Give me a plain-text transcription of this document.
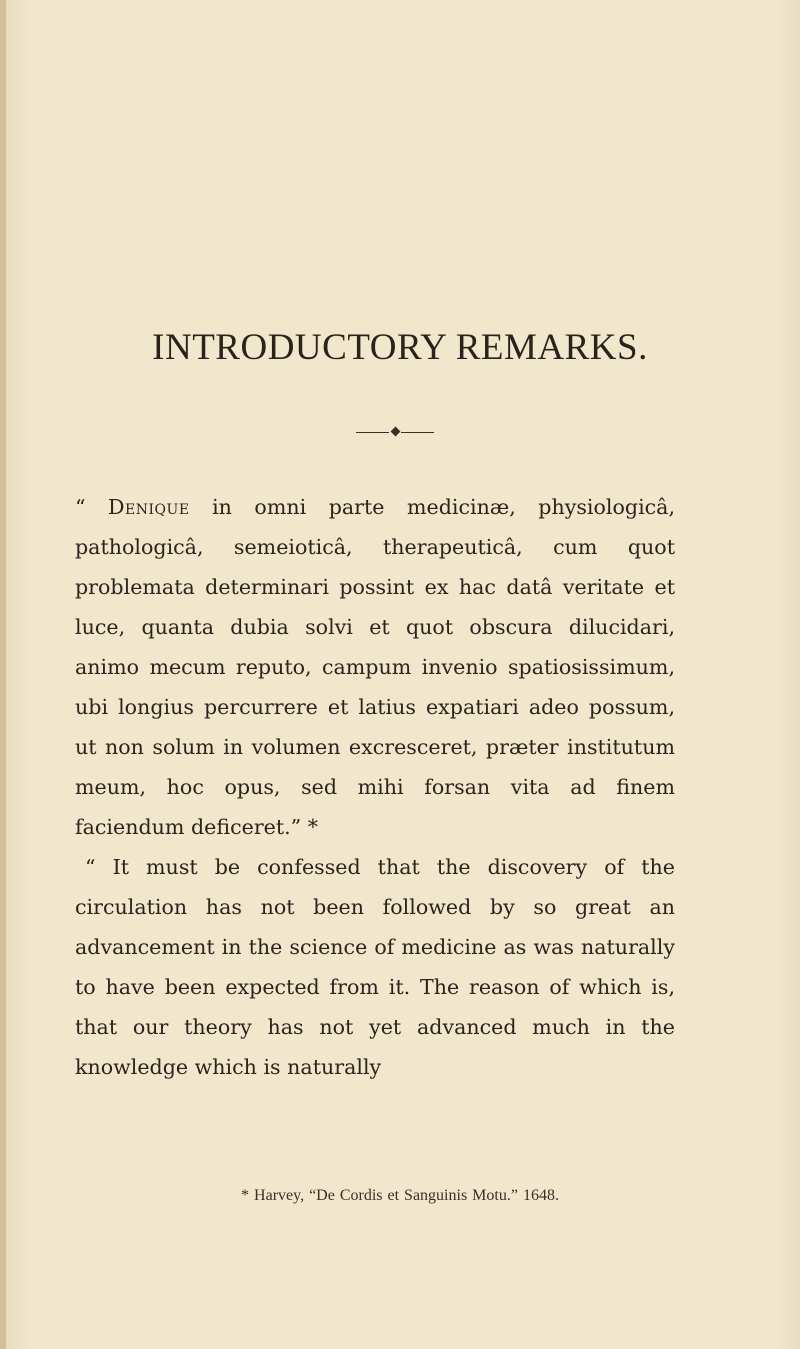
INTRODUCTORY REMARKS.

“ Denique in omni parte medicinæ, physiologicâ, pathologicâ, semeioticâ, therapeuticâ, cum quot problemata determinari possint ex hac datâ veritate et luce, quanta dubia solvi et quot obscura dilucidari, animo mecum reputo, campum invenio spatiosissimum, ubi longius percurrere et latius expatiari adeo possum, ut non solum in volumen excresceret, præter institutum meum, hoc opus, sed mihi forsan vita ad finem faciendum deficeret.” *

“ It must be confessed that the discovery of the circulation has not been followed by so great an advancement in the science of medicine as was naturally to have been expected from it. The reason of which is, that our theory has not yet advanced much in the knowledge which is naturally

* Harvey, “De Cordis et Sanguinis Motu.” 1648.
